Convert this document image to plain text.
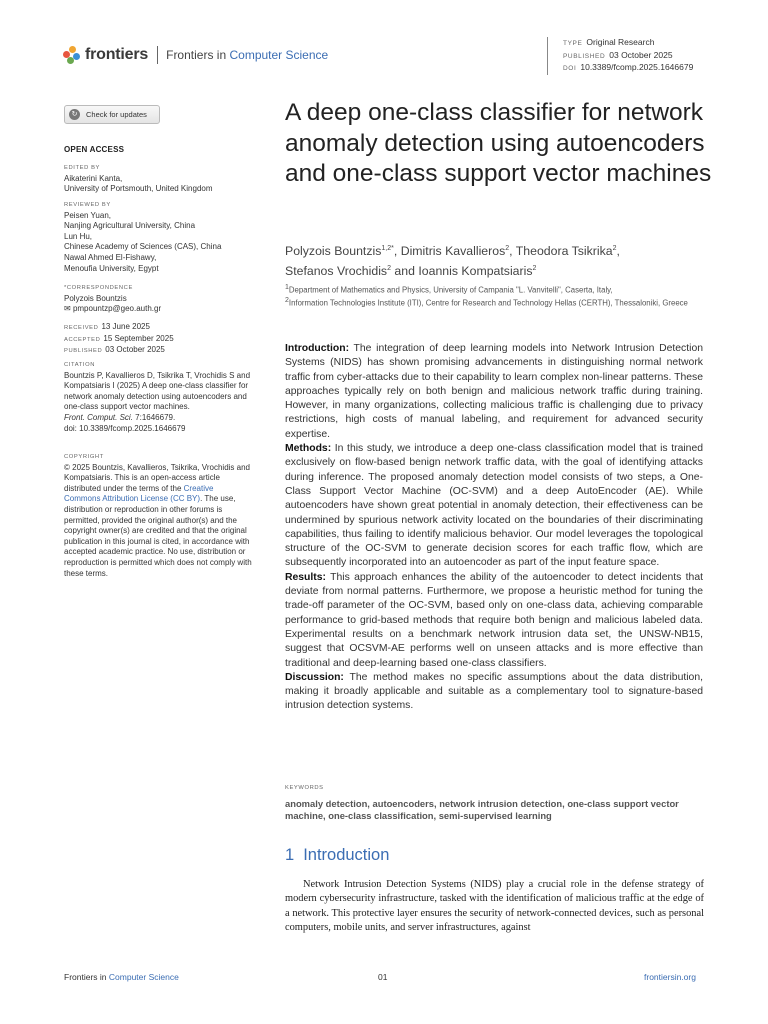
frontiers Frontiers in Computer Science
TYPE Original Research
PUBLISHED 03 October 2025
DOI 10.3389/fcomp.2025.1646679
↻	Check for updates
OPEN ACCESS
EDITED BY
Aikaterini Kanta,
University of Portsmouth, United Kingdom
REVIEWED BY
Peisen Yuan,
Nanjing Agricultural University, China
Lun Hu,
Chinese Academy of Sciences (CAS), China
Nawal Ahmed El-Fishawy,
Menoufia University, Egypt
*CORRESPONDENCE
Polyzois Bountzis
✉ pmpountzp@geo.auth.gr
RECEIVED 13 June 2025
ACCEPTED 15 September 2025
PUBLISHED 03 October 2025
CITATION
Bountzis P, Kavallieros D, Tsikrika T, Vrochidis S and Kompatsiaris I (2025) A deep one-class classifier for network anomaly detection using autoencoders and one-class support vector machines.
Front. Comput. Sci. 7:1646679.
doi: 10.3389/fcomp.2025.1646679
COPYRIGHT
© 2025 Bountzis, Kavallieros, Tsikrika, Vrochidis and Kompatsiaris. This is an open-access article distributed under the terms of the Creative Commons Attribution License (CC BY). The use, distribution or reproduction in other forums is permitted, provided the original author(s) and the copyright owner(s) are credited and that the original publication in this journal is cited, in accordance with accepted academic practice. No use, distribution or reproduction is permitted which does not comply with these terms.
A deep one-class classifier for network anomaly detection using autoencoders and one-class support vector machines
Polyzois Bountzis$^{1,2*}$, Dimitris Kavallieros$^2$, Theodora Tsikrika$^2$,
Stefanos Vrochidis$^2$ and Ioannis Kompatsiaris$^2$
$^1$Department of Mathematics and Physics, University of Campania "L. Vanvitelli", Caserta, Italy,
$^2$Information Technologies Institute (ITI), Centre for Research and Technology Hellas (CERTH), Thessaloniki, Greece

Introduction: The integration of deep learning models into Network Intrusion Detection Systems (NIDS) has shown promising advancements in distinguishing normal network traffic from cyber-attacks due to their capability to learn complex non-linear patterns. These approaches typically rely on both benign and malicious network traffic during training. However, in many organizations, collecting malicious traffic is challenging due to privacy restrictions, high costs of manual labeling, and requirement for advanced security expertise.

Methods: In this study, we introduce a deep one-class classification model that is trained exclusively on flow-based benign network traffic data, with the goal of identifying attacks during inference. The proposed anomaly detection model consists of two steps, a One-Class Support Vector Machine (OC-SVM) and a deep AutoEncoder (AE). While autoencoders have shown great potential in anomaly detection, their effectiveness can be undermined by spurious network activity located on the boundaries of their discriminating capabilities, thus failing to identify malicious behavior. Our model leverages the topological structure of the OC-SVM to generate decision scores for each traffic flow, which are subsequently incorporated into an autoencoder as part of the input feature space.

Results: This approach enhances the ability of the autoencoder to detect incidents that deviate from normal patterns. Furthermore, we propose a heuristic method for tuning the trade-off parameter of the OC-SVM, based only on one-class data, achieving comparable performance to grid-based methods that require both benign and malicious labeled data. Experimental results on a benchmark network intrusion data set, the UNSW-NB15, suggest that OCSVM-AE performs well on unseen attacks and is more effective than traditional and deep-learning based one-class classifiers.

Discussion: The method makes no specific assumptions about the data distribution, making it broadly applicable and suitable as a complementary tool to signature-based intrusion detection systems.

KEYWORDS
anomaly detection, autoencoders, network intrusion detection, one-class support vector machine, one-class classification, semi-supervised learning
1 Introduction

Network Intrusion Detection Systems (NIDS) play a crucial role in the defense strategy of modern cybersecurity infrastructure, tasked with the identification of malicious traffic at the edge of a network. This protective layer ensures the security of network-connected devices, such as personal computers, mobile units, and server infrastructures, against

Frontiers in Computer Science	01	frontiersin.org
